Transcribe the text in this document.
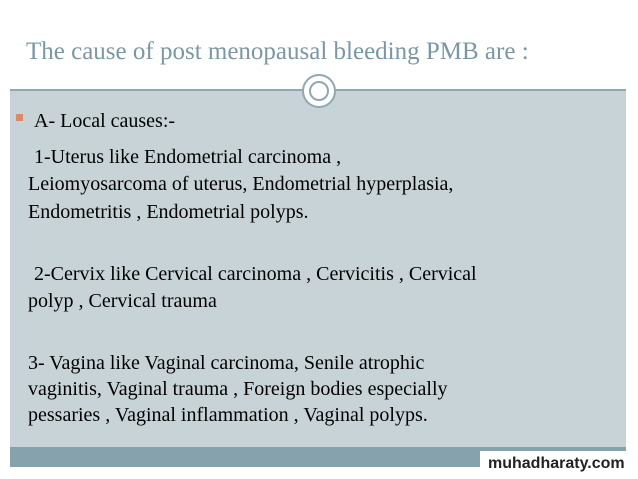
The cause of post menopausal bleeding PMB are :
A- Local causes:-
1-Uterus like Endometrial carcinoma ,
Leiomyosarcoma of uterus, Endometrial hyperplasia,
Endometritis , Endometrial polyps.
2-Cervix like Cervical carcinoma , Cervicitis , Cervical
polyp , Cervical trauma
3- Vagina like Vaginal carcinoma, Senile atrophic
vaginitis, Vaginal trauma , Foreign bodies especially
pessaries , Vaginal inflammation , Vaginal polyps.
muhadharaty.com
